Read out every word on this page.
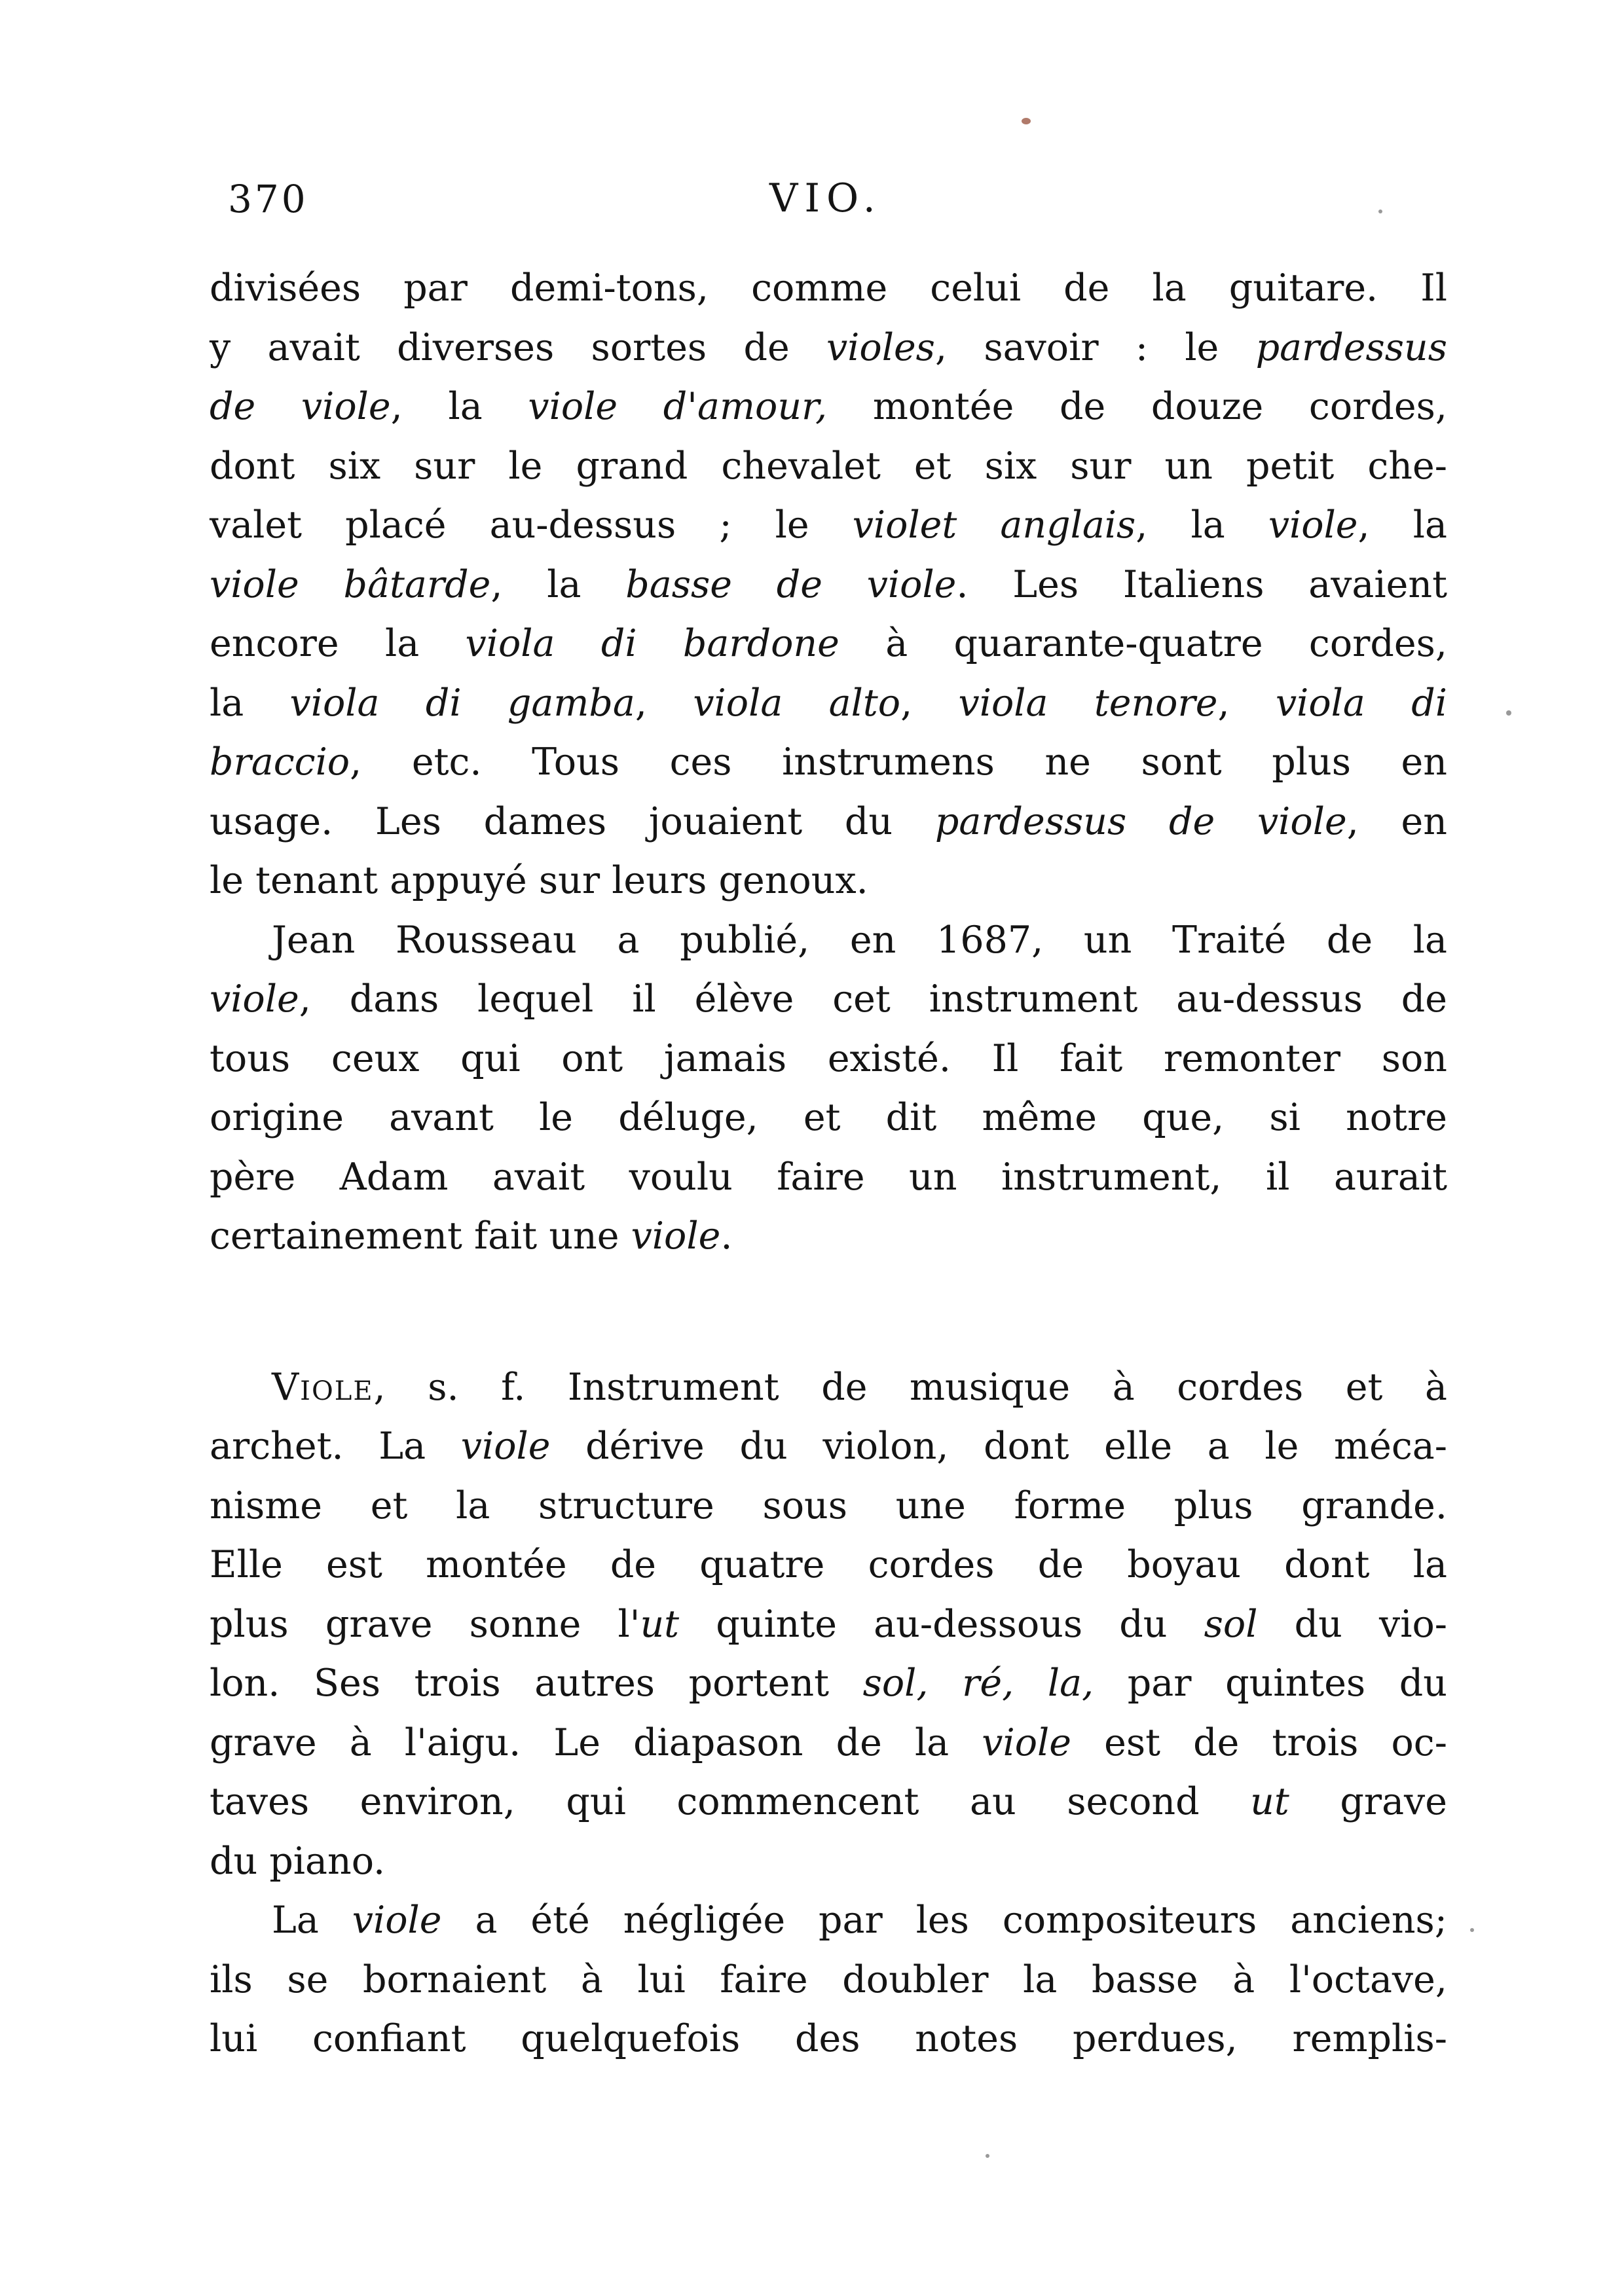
370	VIO.
divisées par demi-tons, comme celui de la guitare. Il
y avait diverses sortes de violes, savoir : le pardessus
de viole, la viole d'amour, montée de douze cordes,
dont six sur le grand chevalet et six sur un petit che-
valet placé au-dessus ; le violet anglais, la viole, la
viole bâtarde, la basse de viole. Les Italiens avaient
encore la viola di bardone à quarante-quatre cordes,
la viola di gamba, viola alto, viola tenore, viola di
braccio, etc. Tous ces instrumens ne sont plus en
usage. Les dames jouaient du pardessus de viole, en
le tenant appuyé sur leurs genoux.
Jean Rousseau a publié, en 1687, un Traité de la
viole, dans lequel il élève cet instrument au-dessus de
tous ceux qui ont jamais existé. Il fait remonter son
origine avant le déluge, et dit même que, si notre
père Adam avait voulu faire un instrument, il aurait
certainement fait une viole.
Viole, s. f. Instrument de musique à cordes et à
archet. La viole dérive du violon, dont elle a le méca-
nisme et la structure sous une forme plus grande.
Elle est montée de quatre cordes de boyau dont la
plus grave sonne l'ut quinte au-dessous du sol du vio-
lon. Ses trois autres portent sol, ré, la, par quintes du
grave à l'aigu. Le diapason de la viole est de trois oc-
taves environ, qui commencent au second ut grave
du piano.
La viole a été négligée par les compositeurs anciens;
ils se bornaient à lui faire doubler la basse à l'octave,
lui confiant quelquefois des notes perdues, remplis-
